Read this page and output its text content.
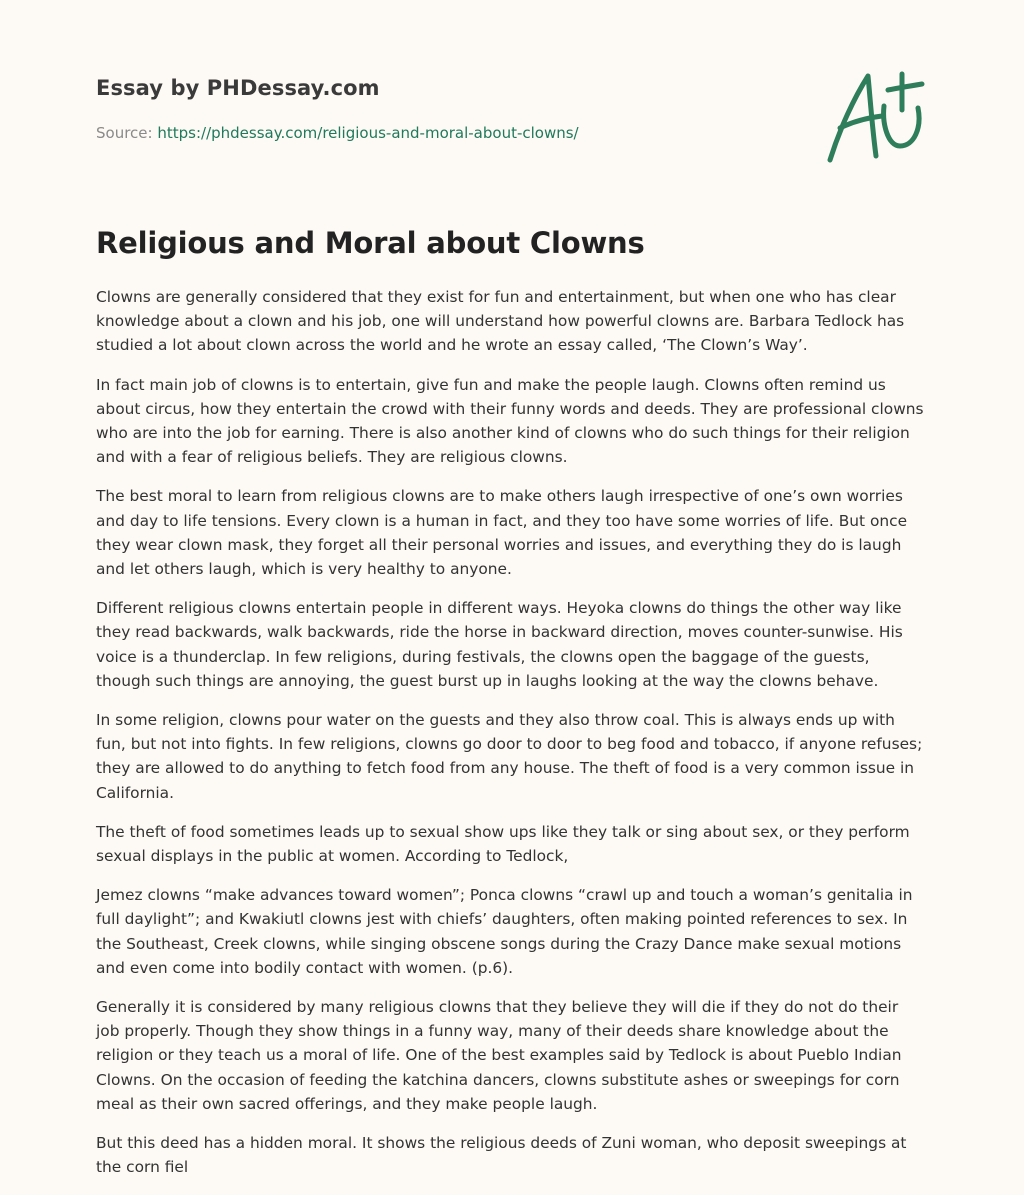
Essay by PHDessay.com
Source: https://phdessay.com/religious-and-moral-about-clowns/
Religious and Moral about Clowns

Clowns are generally considered that they exist for fun and entertainment, but when one who has clear knowledge about a clown and his job, one will understand how powerful clowns are. Barbara Tedlock has studied a lot about clown across the world and he wrote an essay called, ‘The Clown’s Way’.

In fact main job of clowns is to entertain, give fun and make the people laugh. Clowns often remind us about circus, how they entertain the crowd with their funny words and deeds. They are professional clowns who are into the job for earning. There is also another kind of clowns who do such things for their religion and with a fear of religious beliefs. They are religious clowns.

The best moral to learn from religious clowns are to make others laugh irrespective of one’s own worries and day to life tensions. Every clown is a human in fact, and they too have some worries of life. But once they wear clown mask, they forget all their personal worries and issues, and everything they do is laugh and let others laugh, which is very healthy to anyone.

Different religious clowns entertain people in different ways. Heyoka clowns do things the other way like they read backwards, walk backwards, ride the horse in backward direction, moves counter-sunwise. His voice is a thunderclap. In few religions, during festivals, the clowns open the baggage of the guests, though such things are annoying, the guest burst up in laughs looking at the way the clowns behave.

In some religion, clowns pour water on the guests and they also throw coal. This is always ends up with fun, but not into fights. In few religions, clowns go door to door to beg food and tobacco, if anyone refuses; they are allowed to do anything to fetch food from any house. The theft of food is a very common issue in California.

The theft of food sometimes leads up to sexual show ups like they talk or sing about sex, or they perform sexual displays in the public at women. According to Tedlock,

Jemez clowns “make advances toward women”; Ponca clowns “crawl up and touch a woman’s genitalia in full daylight”; and Kwakiutl clowns jest with chiefs’ daughters, often making pointed references to sex. In the Southeast, Creek clowns, while singing obscene songs during the Crazy Dance make sexual motions and even come into bodily contact with women. (p.6).

Generally it is considered by many religious clowns that they believe they will die if they do not do their job properly. Though they show things in a funny way, many of their deeds share knowledge about the religion or they teach us a moral of life. One of the best examples said by Tedlock is about Pueblo Indian Clowns. On the occasion of feeding the katchina dancers, clowns substitute ashes or sweepings for corn meal as their own sacred offerings, and they make people laugh.

But this deed has a hidden moral. It shows the religious deeds of Zuni woman, who deposit sweepings at the corn fiel
